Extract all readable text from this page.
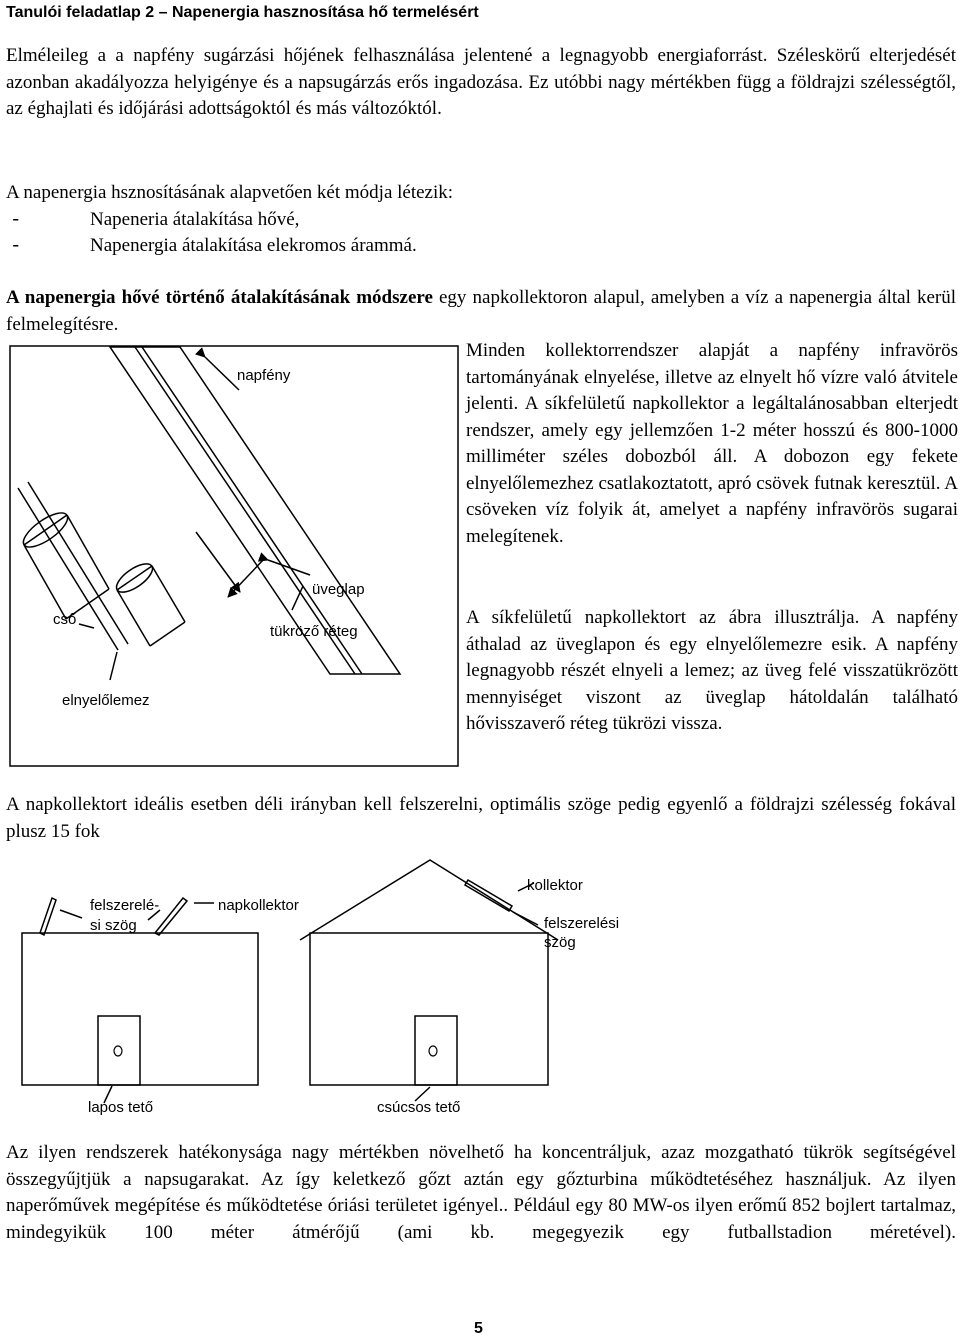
Tanulói feladatlap 2 – Napenergia hasznosítása hő termelésért
Elméleileg a a napfény sugárzási hőjének felhasználása jelentené a legnagyobb energiaforrást. Széleskörű elterjedését azonban akadályozza helyigénye és a napsugárzás erős ingadozása. Ez utóbbi nagy mértékben függ a földrajzi szélességtől, az éghajlati és időjárási adottságoktól és más változóktól.
A napenergia hsznosításának alapvetően két módja létezik:
-	Napeneria átalakítása hővé,
-	Napenergia átalakítása elekromos árammá.
A napenergia hővé történő átalakításának módszere egy napkollektoron alapul, amelyben a víz a napenergia által kerül felmelegítésre.
Minden kollektorrendszer alapját a napfény infravörös tartományának elnyelése, illetve az elnyelt hő vízre való átvitele jelenti. A síkfelületű napkollektor a legáltalánosabban elterjedt rendszer, amely egy jellemzően 1-2 méter hosszú és 800-1000 milliméter széles dobozból áll. A dobozon egy fekete elnyelőlemezhez csatlakoztatott, apró csövek futnak keresztül. A csöveken víz folyik át, amelyet a napfény infravörös sugarai melegítenek.
A síkfelületű napkollektort az ábra illusztrálja. A napfény áthalad az üveglapon és egy elnyelőlemezre esik. A napfény legnagyobb részét elnyeli a lemez; az üveg felé visszatükrözött mennyiséget viszont az üveglap hátoldalán található hővisszaverő réteg tükrözi vissza.
A napkollektort ideális esetben déli irányban kell felszerelni, optimális szöge pedig egyenlő a földrajzi szélesség fokával plusz 15 fok
Az ilyen rendszerek hatékonysága nagy mértékben növelhető ha koncentráljuk, azaz mozgatható tükrök segítségével összegyűjtjük a napsugarakat. Az így keletkező gőzt aztán egy gőzturbina működtetéséhez használjuk. Az ilyen naperőművek megépítése és működtetése óriási területet igényel.. Például egy 80 MW-os ilyen erőmű 852 bojlert tartalmaz, mindegyikük 100 méter átmérőjű (ami kb. megegyezik egy futballstadion méretével).
5
napfény
üveglap
cső
tükröző réteg
elnyelőlemez
felszerelé-
si szög
napkollektor
lapos tető
kollektor
felszerelési
szög
csúcsos tető
